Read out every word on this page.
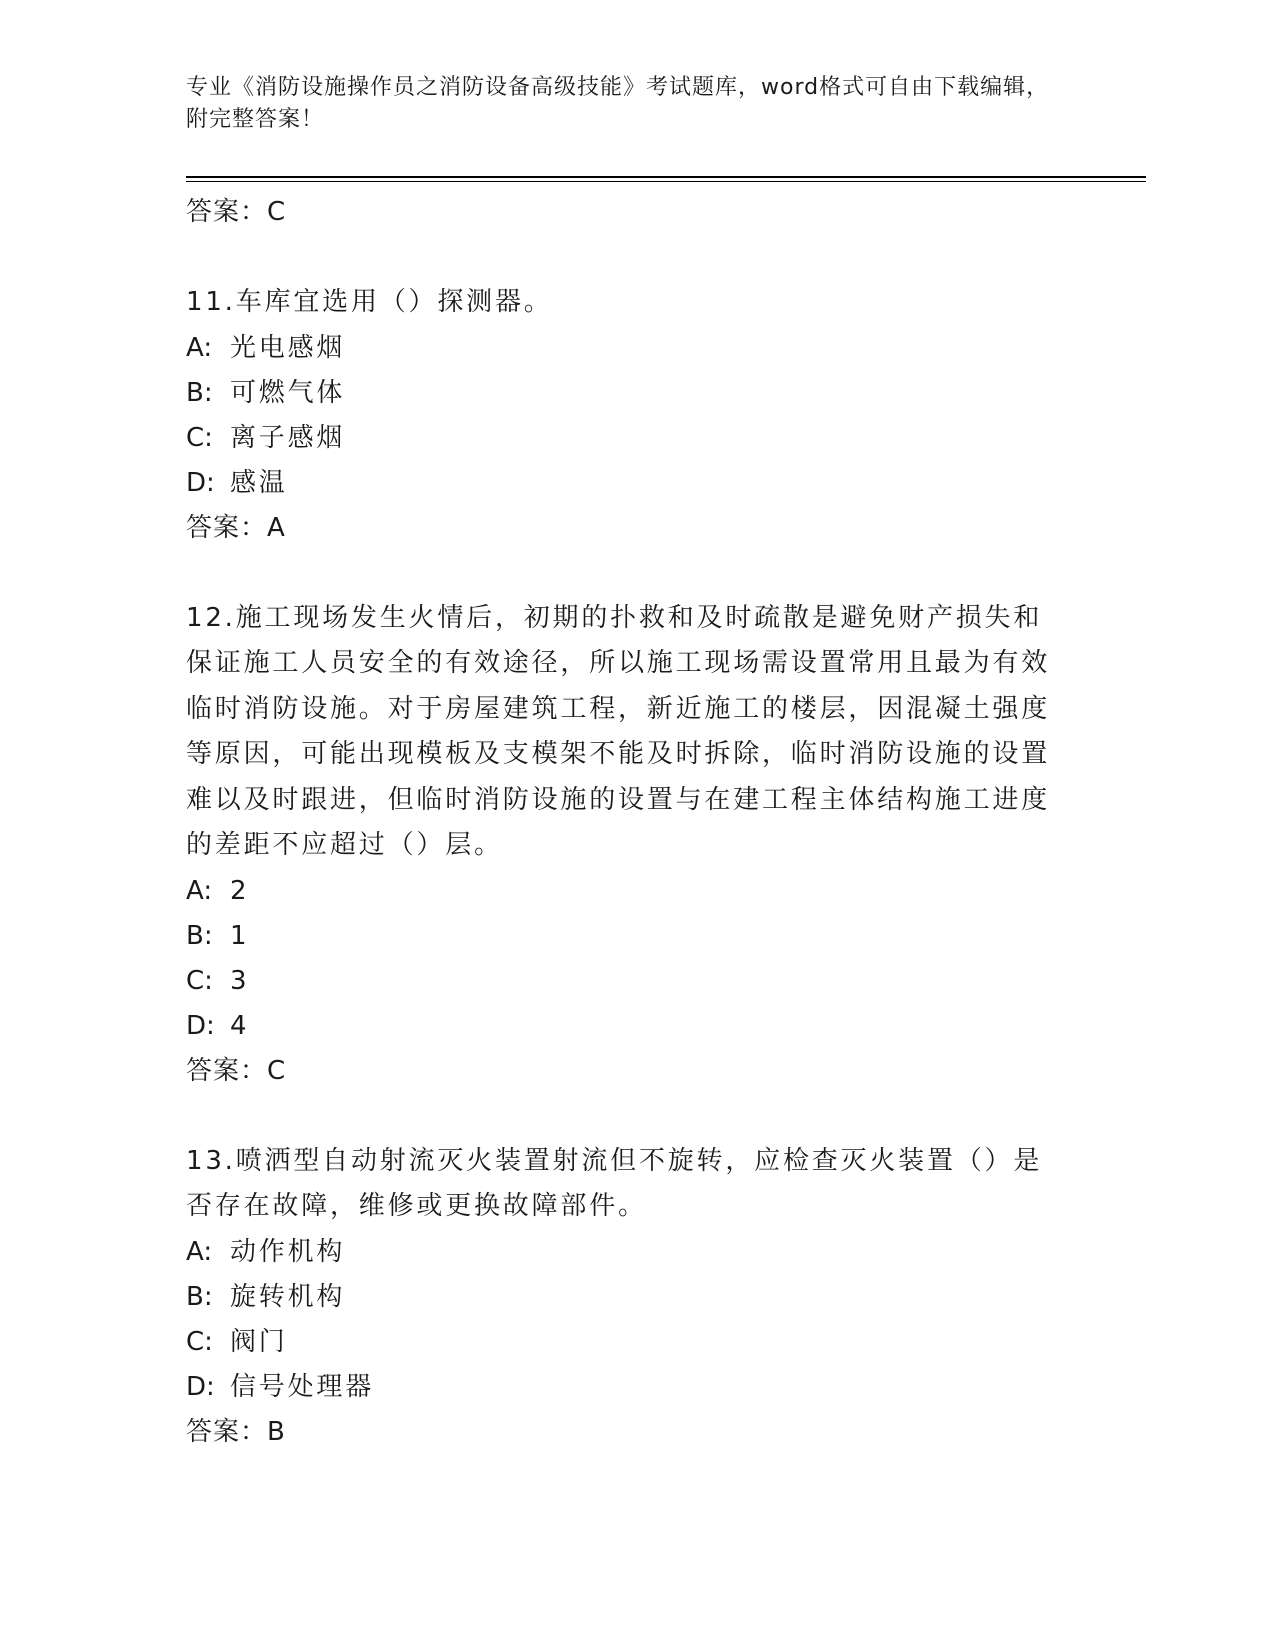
专业《消防设施操作员之消防设备高级技能》考试题库，word格式可自由下载编辑，附完整答案！
答案：C
11.车库宜选用（）探测器。
A: 光电感烟
B: 可燃气体
C: 离子感烟
D: 感温
答案：A
12.施工现场发生火情后，初期的扑救和及时疏散是避免财产损失和保证施工人员安全的有效途径，所以施工现场需设置常用且最为有效临时消防设施。对于房屋建筑工程，新近施工的楼层，因混凝土强度等原因，可能出现模板及支模架不能及时拆除，临时消防设施的设置难以及时跟进，但临时消防设施的设置与在建工程主体结构施工进度的差距不应超过（）层。
A: 2
B: 1
C: 3
D: 4
答案：C
13.喷洒型自动射流灭火装置射流但不旋转，应检查灭火装置（）是否存在故障，维修或更换故障部件。
A: 动作机构
B: 旋转机构
C: 阀门
D: 信号处理器
答案：B
